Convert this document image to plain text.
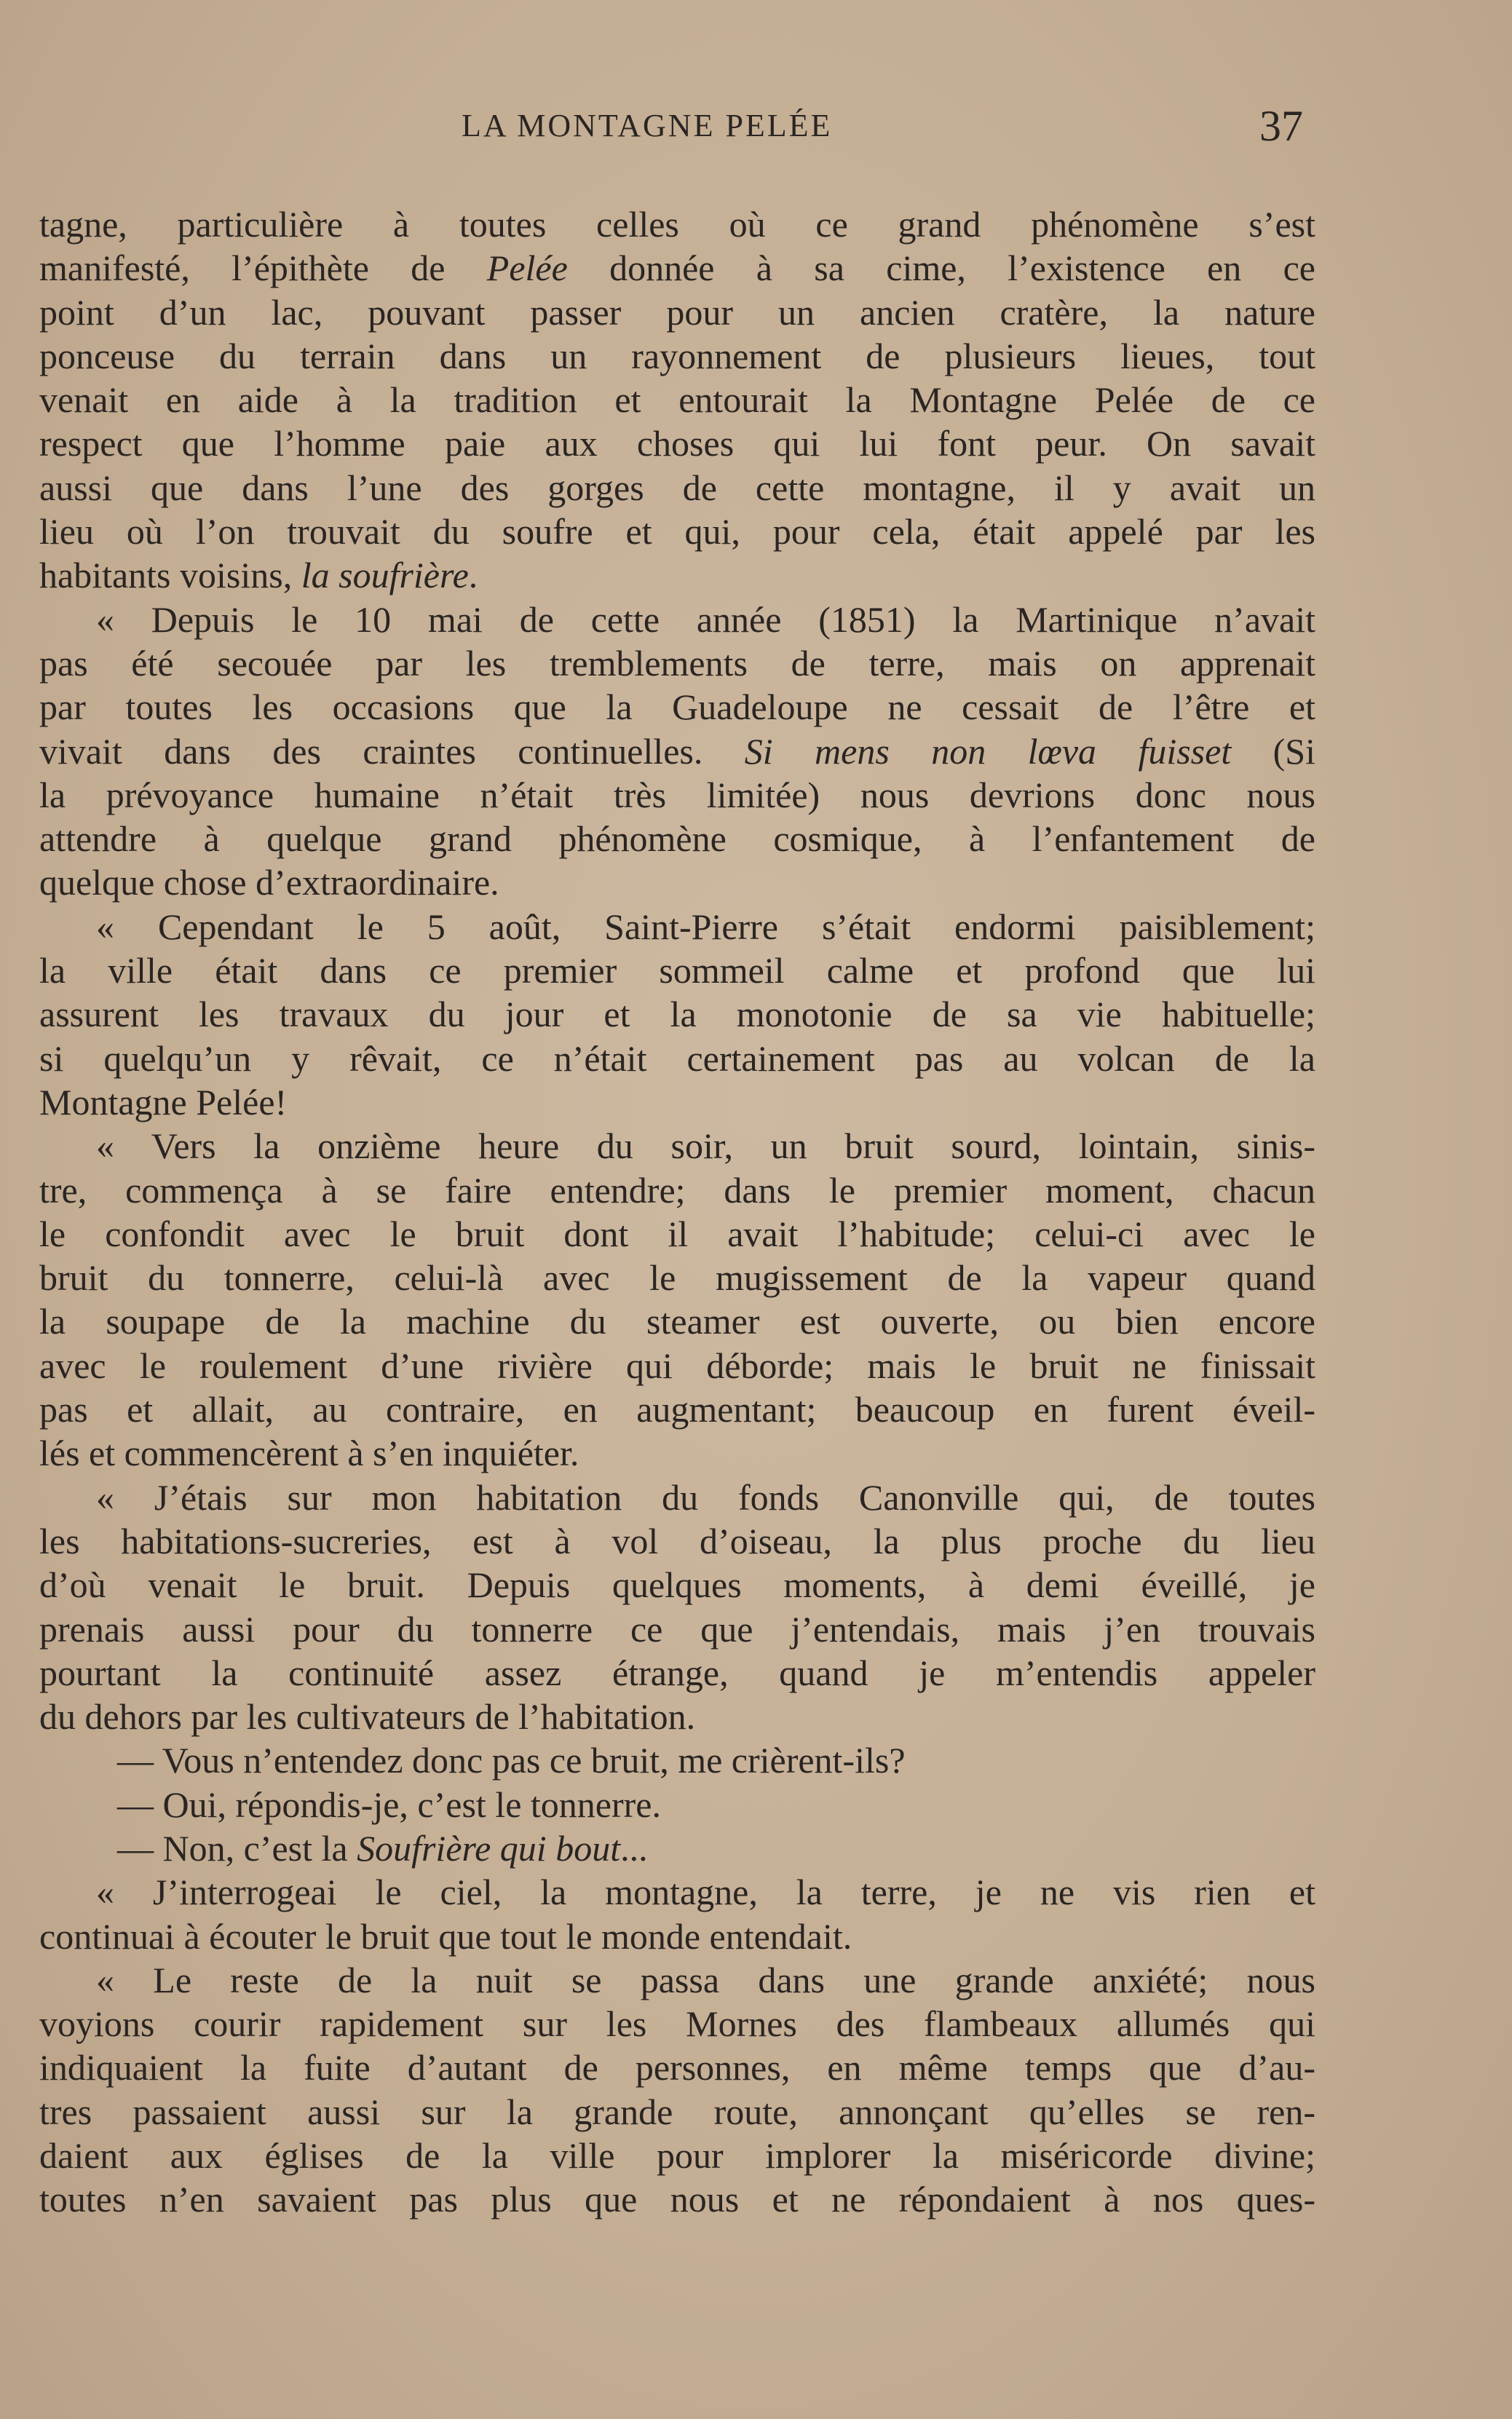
LA MONTAGNE PELÉE	37
tagne, particulière à toutes celles où ce grand phénomène s’est
manifesté, l’épithète de Pelée donnée à sa cime, l’existence en ce
point d’un lac, pouvant passer pour un ancien cratère, la nature
ponceuse du terrain dans un rayonnement de plusieurs lieues, tout
venait en aide à la tradition et entourait la Montagne Pelée de ce
respect que l’homme paie aux choses qui lui font peur. On savait
aussi que dans l’une des gorges de cette montagne, il y avait un
lieu où l’on trouvait du soufre et qui, pour cela, était appelé par les
habitants voisins, la soufrière.
« Depuis le 10 mai de cette année (1851) la Martinique n’avait
pas été secouée par les tremblements de terre, mais on apprenait
par toutes les occasions que la Guadeloupe ne cessait de l’être et
vivait dans des craintes continuelles. Si mens non lœva fuisset (Si
la prévoyance humaine n’était très limitée) nous devrions donc nous
attendre à quelque grand phénomène cosmique, à l’enfantement de
quelque chose d’extraordinaire.
« Cependant le 5 août, Saint-Pierre s’était endormi paisiblement;
la ville était dans ce premier sommeil calme et profond que lui
assurent les travaux du jour et la monotonie de sa vie habituelle;
si quelqu’un y rêvait, ce n’était certainement pas au volcan de la
Montagne Pelée!
« Vers la onzième heure du soir, un bruit sourd, lointain, sinis-
tre, commença à se faire entendre; dans le premier moment, chacun
le confondit avec le bruit dont il avait l’habitude; celui-ci avec le
bruit du tonnerre, celui-là avec le mugissement de la vapeur quand
la soupape de la machine du steamer est ouverte, ou bien encore
avec le roulement d’une rivière qui déborde; mais le bruit ne finissait
pas et allait, au contraire, en augmentant; beaucoup en furent éveil-
lés et commencèrent à s’en inquiéter.
« J’étais sur mon habitation du fonds Canonville qui, de toutes
les habitations-sucreries, est à vol d’oiseau, la plus proche du lieu
d’où venait le bruit. Depuis quelques moments, à demi éveillé, je
prenais aussi pour du tonnerre ce que j’entendais, mais j’en trouvais
pourtant la continuité assez étrange, quand je m’entendis appeler
du dehors par les cultivateurs de l’habitation.
— Vous n’entendez donc pas ce bruit, me crièrent-ils?
— Oui, répondis-je, c’est le tonnerre.
— Non, c’est la Soufrière qui bout...
« J’interrogeai le ciel, la montagne, la terre, je ne vis rien et
continuai à écouter le bruit que tout le monde entendait.
« Le reste de la nuit se passa dans une grande anxiété; nous
voyions courir rapidement sur les Mornes des flambeaux allumés qui
indiquaient la fuite d’autant de personnes, en même temps que d’au-
tres passaient aussi sur la grande route, annonçant qu’elles se ren-
daient aux églises de la ville pour implorer la miséricorde divine;
toutes n’en savaient pas plus que nous et ne répondaient à nos ques-
